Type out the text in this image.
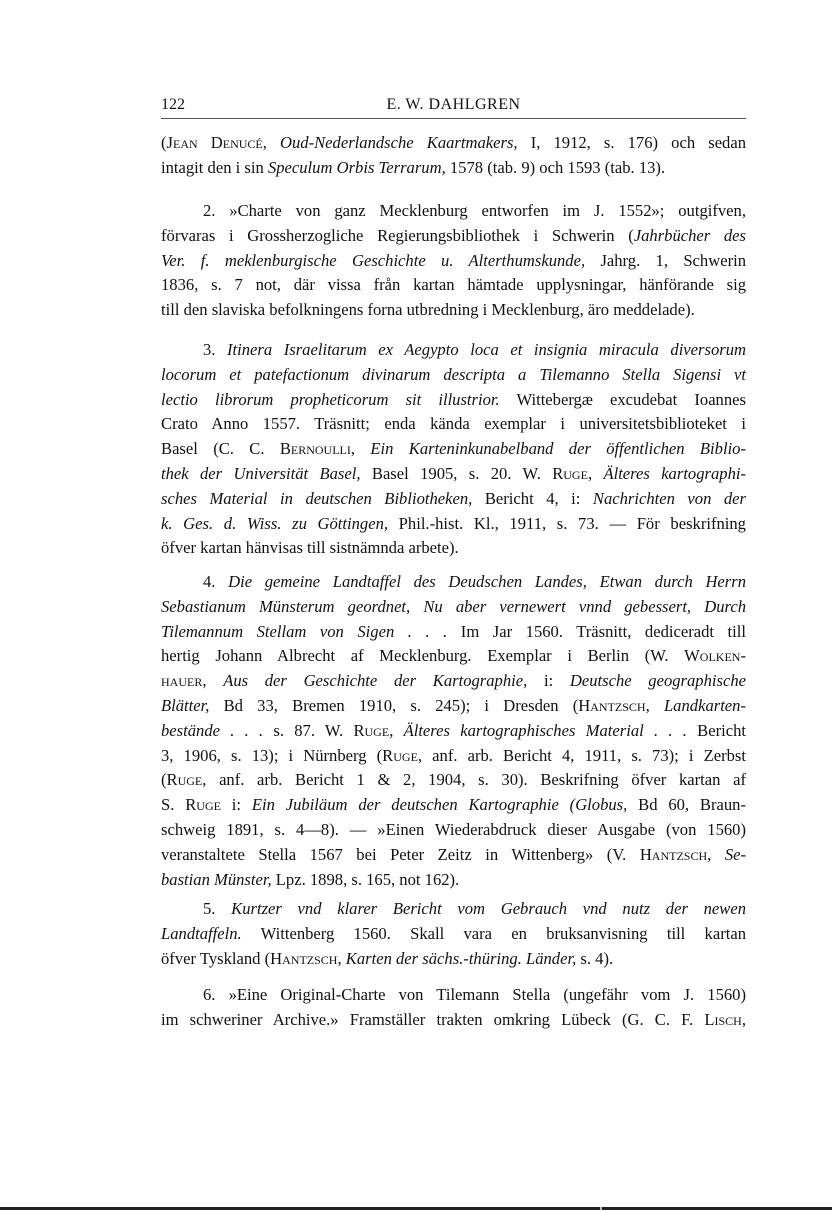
122	E. W. DAHLGREN
(Jean Denucé, Oud-Nederlandsche Kaartmakers, I, 1912, s. 176) och sedan
intagit den i sin Speculum Orbis Terrarum, 1578 (tab. 9) och 1593 (tab. 13).
2. »Charte von ganz Mecklenburg entworfen im J. 1552»; outgifven,
förvaras i Grossherzogliche Regierungsbibliothek i Schwerin (Jahrbücher des
Ver. f. meklenburgische Geschichte u. Alterthumskunde, Jahrg. 1, Schwerin
1836, s. 7 not, där vissa från kartan hämtade upplysningar, hänförande sig
till den slaviska befolkningens forna utbredning i Mecklenburg, äro meddelade).
3. Itinera Israelitarum ex Aegypto loca et insignia miracula diversorum
locorum et patefactionum divinarum descripta a Tilemanno Stella Sigensi vt
lectio librorum propheticorum sit illustrior. Wittebergæ excudebat Ioannes
Crato Anno 1557. Träsnitt; enda kända exemplar i universitetsbiblioteket i
Basel (C. C. Bernoulli, Ein Karteninkunabelband der öffentlichen Biblio-
thek der Universität Basel, Basel 1905, s. 20. W. Ruge, Älteres kartographi-
sches Material in deutschen Bibliotheken, Bericht 4, i: Nachrichten von der
k. Ges. d. Wiss. zu Göttingen, Phil.-hist. Kl., 1911, s. 73. — För beskrifning
öfver kartan hänvisas till sistnämnda arbete).
4. Die gemeine Landtaffel des Deudschen Landes, Etwan durch Herrn
Sebastianum Münsterum geordnet, Nu aber vernewert vnnd gebessert, Durch
Tilemannum Stellam von Sigen . . . Im Jar 1560. Träsnitt, dediceradt till
hertig Johann Albrecht af Mecklenburg. Exemplar i Berlin (W. Wolken-
hauer, Aus der Geschichte der Kartographie, i: Deutsche geographische
Blätter, Bd 33, Bremen 1910, s. 245); i Dresden (Hantzsch, Landkarten-
bestände . . . s. 87. W. Ruge, Älteres kartographisches Material . . . Bericht
3, 1906, s. 13); i Nürnberg (Ruge, anf. arb. Bericht 4, 1911, s. 73); i Zerbst
(Ruge, anf. arb. Bericht 1 & 2, 1904, s. 30). Beskrifning öfver kartan af
S. Ruge i: Ein Jubiläum der deutschen Kartographie (Globus, Bd 60, Braun-
schweig 1891, s. 4—8). — »Einen Wiederabdruck dieser Ausgabe (von 1560)
veranstaltete Stella 1567 bei Peter Zeitz in Wittenberg» (V. Hantzsch, Se-
bastian Münster, Lpz. 1898, s. 165, not 162).
5. Kurtzer vnd klarer Bericht vom Gebrauch vnd nutz der newen
Landtaffeln. Wittenberg 1560. Skall vara en bruksanvisning till kartan
öfver Tyskland (Hantzsch, Karten der sächs.-thüring. Länder, s. 4).
6. »Eine Original-Charte von Tilemann Stella (ungefähr vom J. 1560)
im schweriner Archive.» Framställer trakten omkring Lübeck (G. C. F. Lisch,
